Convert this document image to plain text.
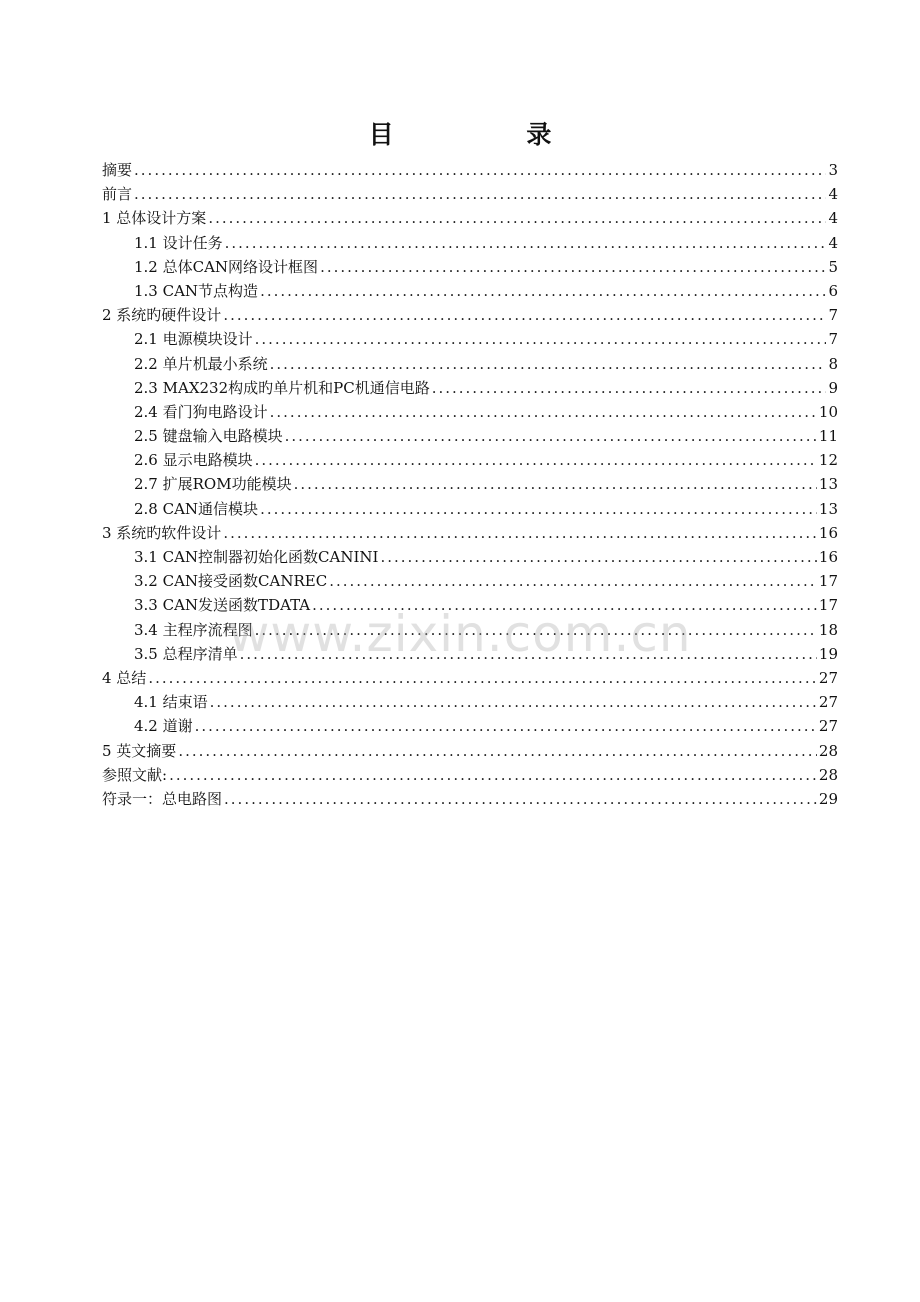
目 录
摘要 .....	3
前言 .....	4
1 总体设计方案 .....	4
1.1 设计任务 .....	4
1.2 总体CAN网络设计框图 .....	5
1.3 CAN节点构造 .....	6
2 系统旳硬件设计 .....	7
2.1 电源模块设计 .....	7
2.2 单片机最小系统 .....	8
2.3 MAX232构成旳单片机和PC机通信电路 .....	9
2.4 看门狗电路设计 .....	10
2.5 键盘输入电路模块 .....	11
2.6 显示电路模块 .....	12
2.7 扩展ROM功能模块 .....	13
2.8 CAN通信模块 .....	13
3 系统旳软件设计 .....	16
3.1 CAN控制器初始化函数CANINI .....	16
3.2 CAN接受函数CANREC .....	17
3.3 CAN发送函数TDATA .....	17
3.4 主程序流程图 .....	18
3.5 总程序清单 .....	19
4 总结 .....	27
4.1 结束语 .....	27
4.2 道谢 .....	27
5 英文摘要 .....	28
参照文献: .....	28
符录一：总电路图 .....	29
www.zixin.com.cn
